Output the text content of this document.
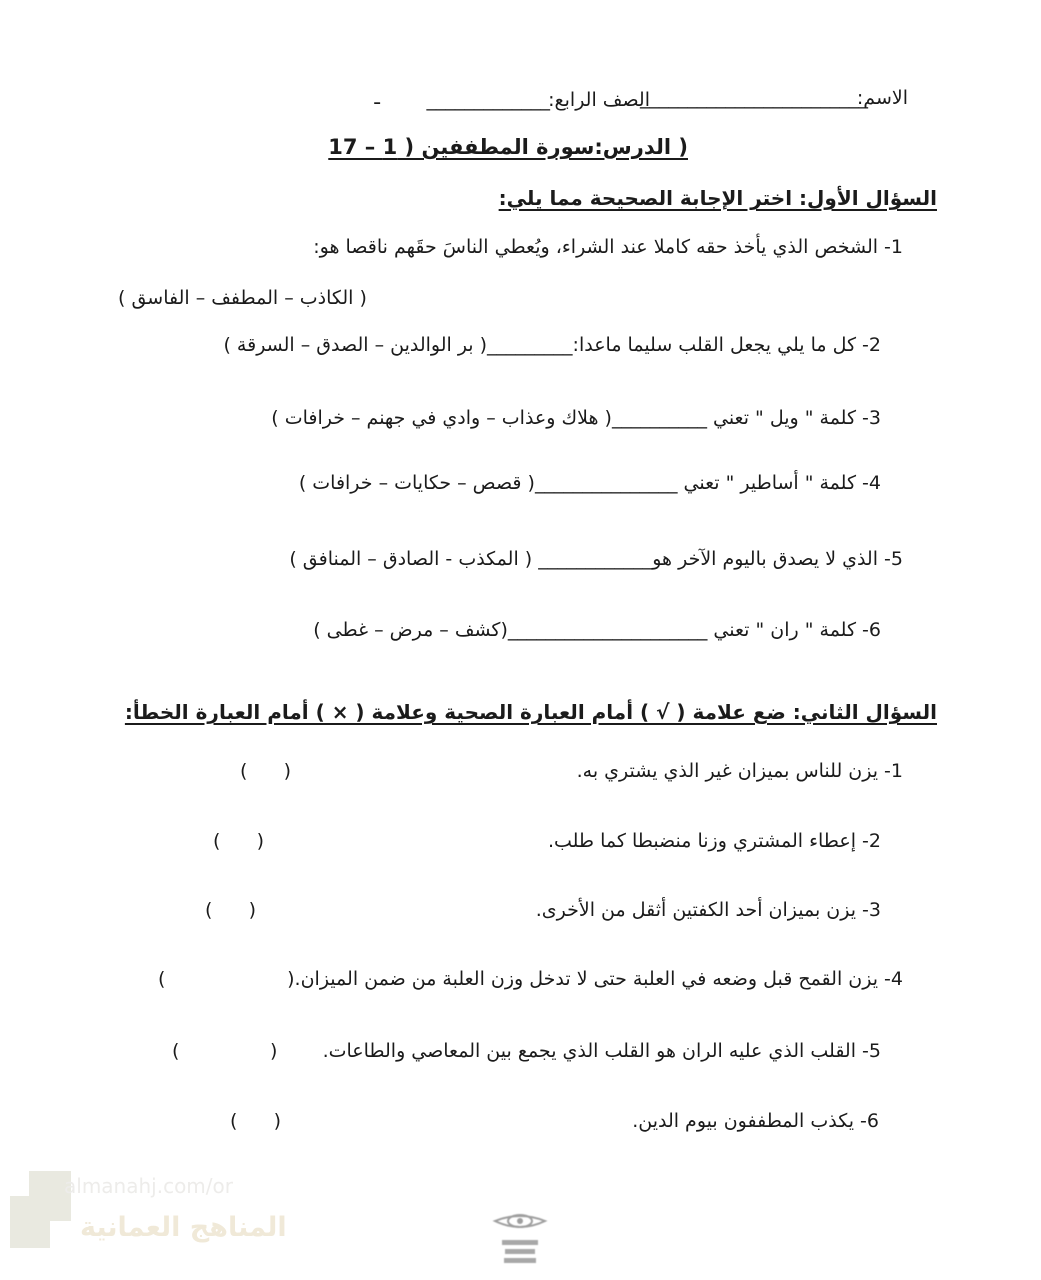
الاسم:
________________________
الصف الرابع:
_____________
ـ
( الدرس:سورة المطففين ( 1 – 17
السؤال الأول: اختر الإجابة الصحيحة مما يلي:
1- الشخص الذي يأخذ حقه كاملا عند الشراء، ويُعطي الناسَ حقَهم ناقصا هو:
( الكاذب – المطفف – الفاسق )
2- كل ما يلي يجعل القلب سليما ماعدا:_________( بر الوالدين – الصدق – السرقة )
3- كلمة " ويل " تعني __________( هلاك وعذاب – وادي في جهنم – خرافات )
4- كلمة " أساطير " تعني _______________( قصص – حكايات – خرافات )
5- الذي لا يصدق باليوم الآخر هو____________ ( المكذب - الصادق – المنافق )
6- كلمة " ران " تعني _____________________(كشف – مرض – غطى )
السؤال الثاني: ضع علامة ( √ ) أمام العبارة الصحية وعلامة ( × ) أمام العبارة الخطأ:
1- يزن للناس بميزان غير الذي يشتري به.
(      )
2- إعطاء المشتري وزنا منضبطا كما طلب.
(      )
3- يزن بميزان أحد الكفتين أثقل من الأخرى.
(      )
4- يزن القمح قبل وضعه في العلبة حتى لا تدخل وزن العلبة من ضمن الميزان.(
(
5- القلب الذي عليه الران هو القلب الذي يجمع بين المعاصي والطاعات.
(               )
6- يكذب المطففون بيوم الدين.
(      )
almanahj.com/or
المناهج العمانية
